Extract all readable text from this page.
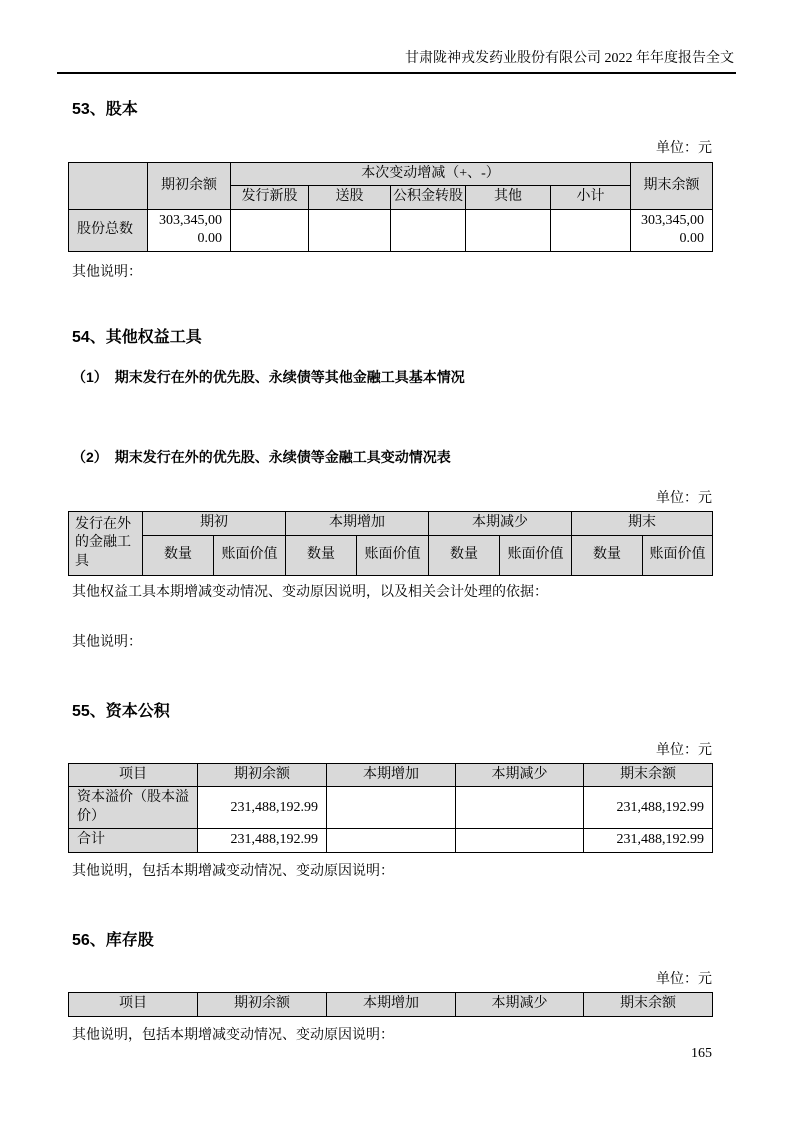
甘肃陇神戎发药业股份有限公司 2022 年年度报告全文
53、股本
单位：元
	期初余额	本次变动增减（+、-）					期末余额
		发行新股	送股	公积金转股	其他	小计	
股份总数	303,345,000.00						303,345,000.00

其他说明：

54、其他权益工具

（1）　期末发行在外的优先股、永续债等其他金融工具基本情况

（2）　期末发行在外的优先股、永续债等金融工具变动情况表

单位：元
发行在外的金融工具	期初		本期增加		本期减少		期末	
	数量	账面价值	数量	账面价值	数量	账面价值	数量	账面价值

其他权益工具本期增减变动情况、变动原因说明，以及相关会计处理的依据：

其他说明：

55、资本公积
单位：元
项目	期初余额	本期增加	本期减少	期末余额
资本溢价（股本溢价）	231,488,192.99			231,488,192.99
合计	231,488,192.99			231,488,192.99

其他说明，包括本期增减变动情况、变动原因说明：

56、库存股
单位：元
项目	期初余额	本期增加	本期减少	期末余额

其他说明，包括本期增减变动情况、变动原因说明：

165
